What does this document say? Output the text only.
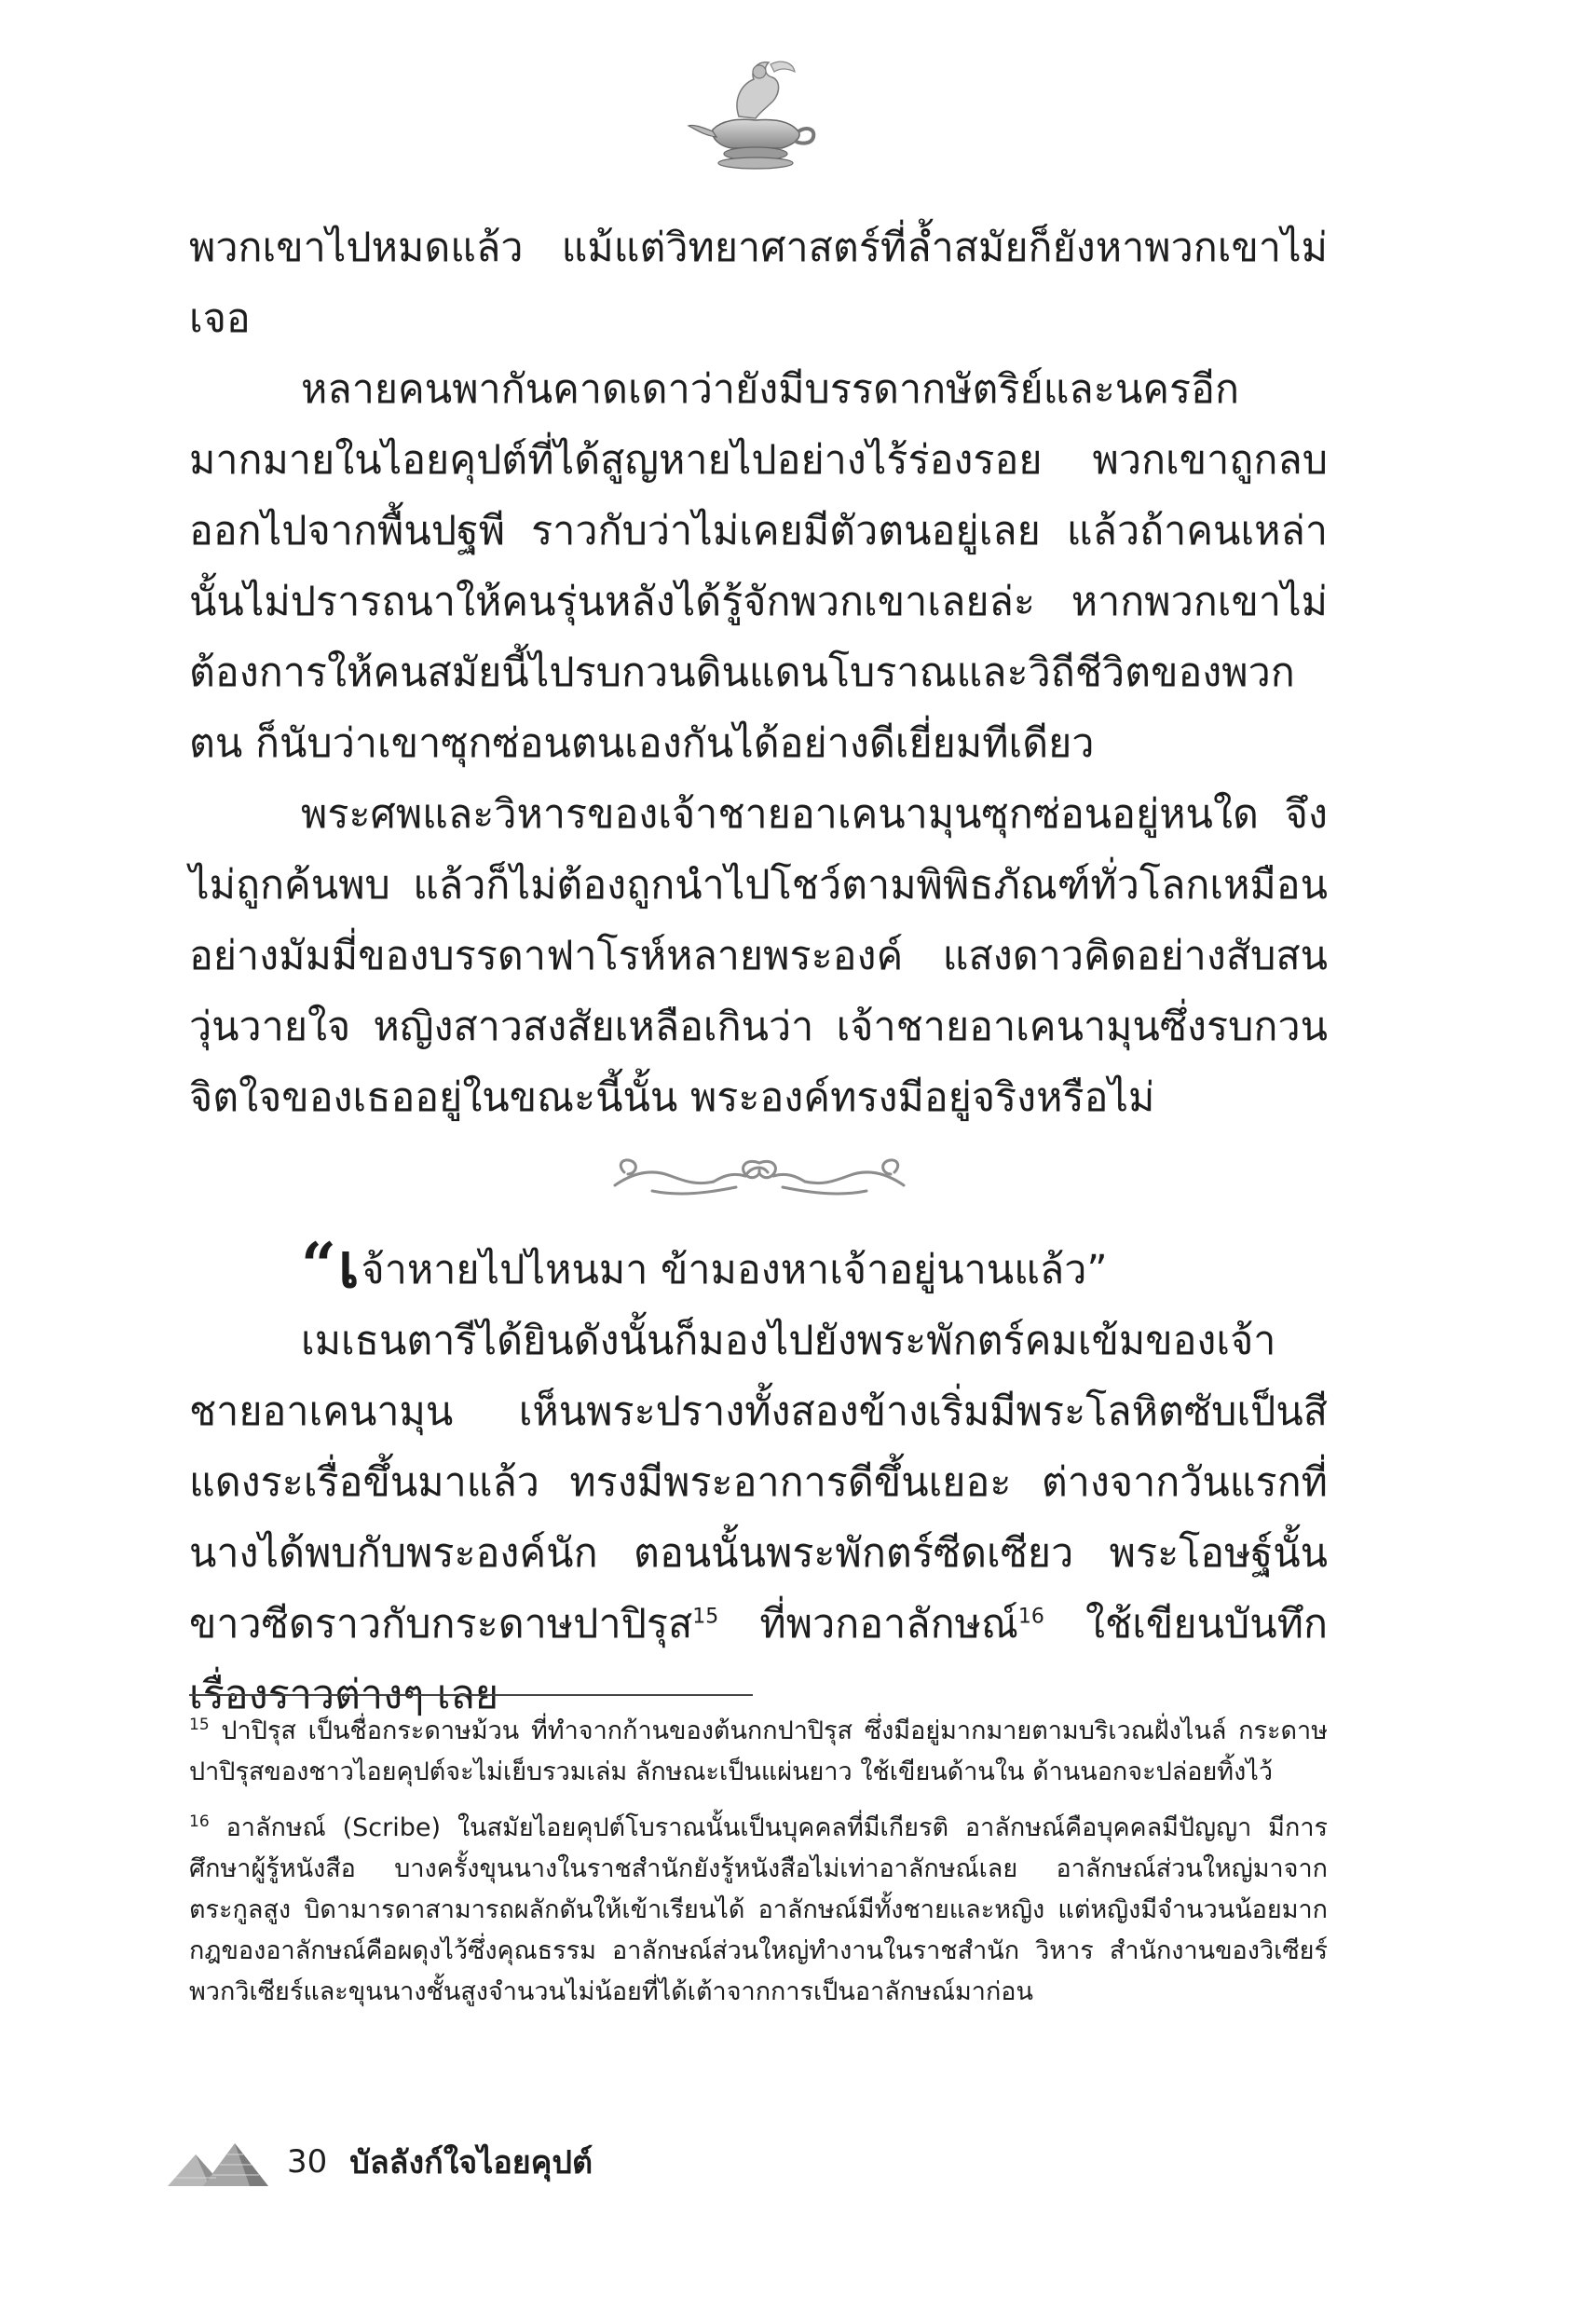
พวกเขาไปหมดแล้ว แม้แต่วิทยาศาสตร์ที่ล้ำสมัยก็ยังหาพวกเขาไม่เจอ

หลายคนพากันคาดเดาว่ายังมีบรรดากษัตริย์และนครอีกมากมายในไอยคุปต์ที่ได้สูญหายไปอย่างไร้ร่องรอย พวกเขาถูกลบออกไปจากพื้นปฐพี ราวกับว่าไม่เคยมีตัวตนอยู่เลย แล้วถ้าคนเหล่านั้นไม่ปรารถนาให้คนรุ่นหลังได้รู้จักพวกเขาเลยล่ะ หากพวกเขาไม่ต้องการให้คนสมัยนี้ไปรบกวนดินแดนโบราณและวิถีชีวิตของพวกตน ก็นับว่าเขาซุกซ่อนตนเองกันได้อย่างดีเยี่ยมทีเดียว

พระศพและวิหารของเจ้าชายอาเคนามุนซุกซ่อนอยู่หนใด จึงไม่ถูกค้นพบ แล้วก็ไม่ต้องถูกนำไปโชว์ตามพิพิธภัณฑ์ทั่วโลกเหมือนอย่างมัมมี่ของบรรดาฟาโรห์หลายพระองค์ แสงดาวคิดอย่างสับสนวุ่นวายใจ หญิงสาวสงสัยเหลือเกินว่า เจ้าชายอาเคนามุนซึ่งรบกวนจิตใจของเธออยู่ในขณะนี้นั้น พระองค์ทรงมีอยู่จริงหรือไม่

“เจ้าหายไปไหนมา ข้ามองหาเจ้าอยู่นานแล้ว”

เมเธนตารีได้ยินดังนั้นก็มองไปยังพระพักตร์คมเข้มของเจ้าชายอาเคนามุน เห็นพระปรางทั้งสองข้างเริ่มมีพระโลหิตซับเป็นสีแดงระเรื่อขึ้นมาแล้ว ทรงมีพระอาการดีขึ้นเยอะ ต่างจากวันแรกที่นางได้พบกับพระองค์นัก ตอนนั้นพระพักตร์ซีดเซียว พระโอษฐ์นั้นขาวซีดราวกับกระดาษปาปิรุส$^{15}$ ที่พวกอาลักษณ์$^{16}$ ใช้เขียนบันทึกเรื่องราวต่างๆ เลย

$^{15}$ ปาปิรุส เป็นชื่อกระดาษม้วน ที่ทำจากก้านของต้นกกปาปิรุส ซึ่งมีอยู่มากมายตามบริเวณฝั่งไนล์ กระดาษปาปิรุสของชาวไอยคุปต์จะไม่เย็บรวมเล่ม ลักษณะเป็นแผ่นยาว ใช้เขียนด้านใน ด้านนอกจะปล่อยทิ้งไว้

$^{16}$ อาลักษณ์ (Scribe) ในสมัยไอยคุปต์โบราณนั้นเป็นบุคคลที่มีเกียรติ อาลักษณ์คือบุคคลมีปัญญา มีการศึกษาผู้รู้หนังสือ บางครั้งขุนนางในราชสำนักยังรู้หนังสือไม่เท่าอาลักษณ์เลย อาลักษณ์ส่วนใหญ่มาจากตระกูลสูง บิดามารดาสามารถผลักดันให้เข้าเรียนได้ อาลักษณ์มีทั้งชายและหญิง แต่หญิงมีจำนวนน้อยมาก กฎของอาลักษณ์คือผดุงไว้ซึ่งคุณธรรม อาลักษณ์ส่วนใหญ่ทำงานในราชสำนัก วิหาร สำนักงานของวิเซียร์ พวกวิเซียร์และขุนนางชั้นสูงจำนวนไม่น้อยที่ได้เต้าจากการเป็นอาลักษณ์มาก่อน

30 บัลลังก์ใจไอยคุปต์
